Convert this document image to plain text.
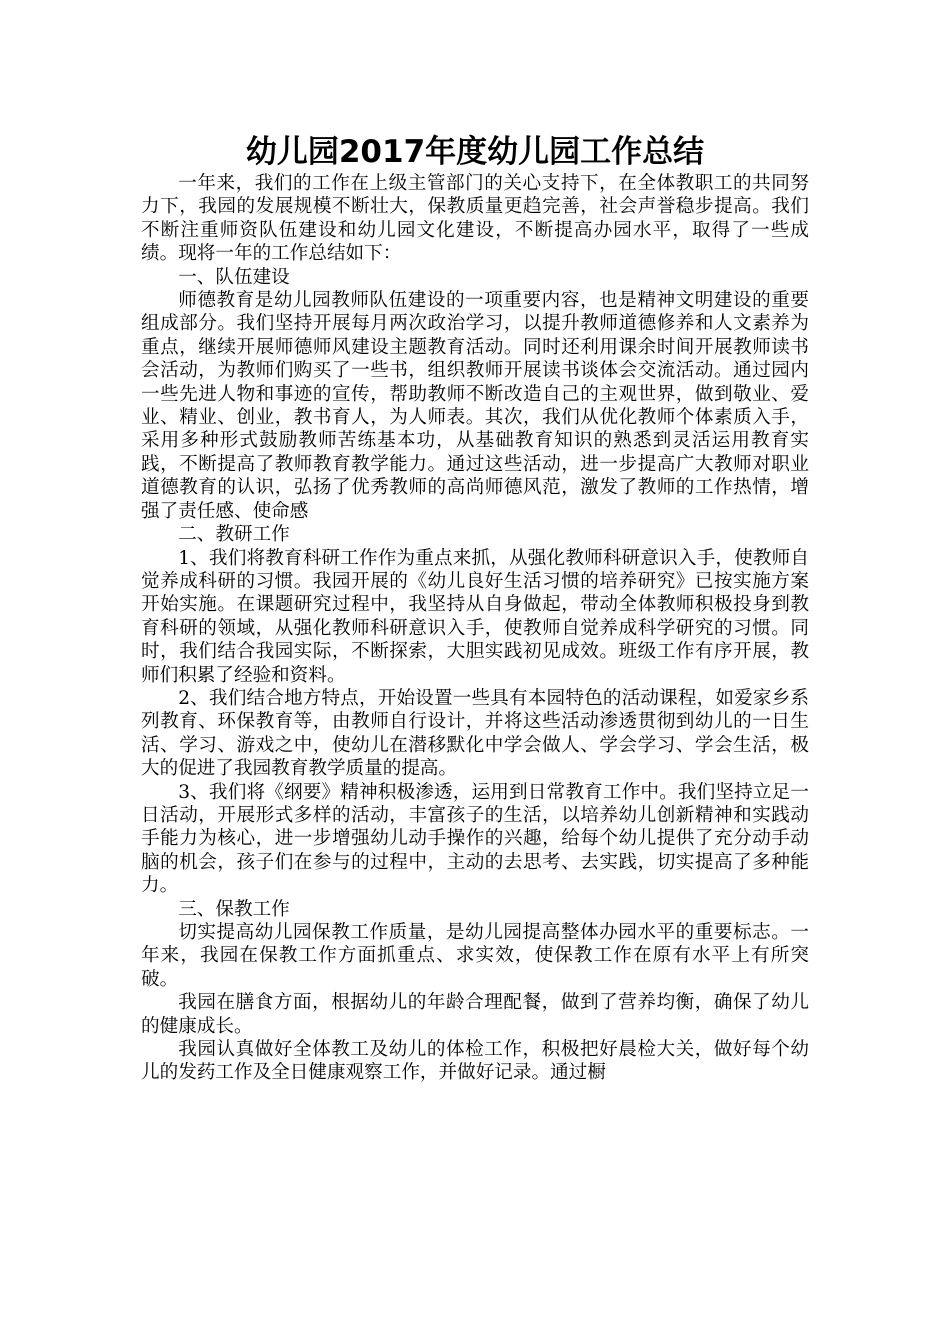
幼儿园2017年度幼儿园工作总结

一年来，我们的工作在上级主管部门的关心支持下，在全体教职工的共同努力下，我园的发展规模不断壮大，保教质量更趋完善，社会声誉稳步提高。我们不断注重师资队伍建设和幼儿园文化建设，不断提高办园水平，取得了一些成绩。现将一年的工作总结如下：

一、队伍建设

师德教育是幼儿园教师队伍建设的一项重要内容，也是精神文明建设的重要组成部分。我们坚持开展每月两次政治学习，以提升教师道德修养和人文素养为重点，继续开展师德师风建设主题教育活动。同时还利用课余时间开展教师读书会活动，为教师们购买了一些书，组织教师开展读书谈体会交流活动。通过园内一些先进人物和事迹的宣传，帮助教师不断改造自己的主观世界，做到敬业、爱业、精业、创业，教书育人，为人师表。其次，我们从优化教师个体素质入手，采用多种形式鼓励教师苦练基本功，从基础教育知识的熟悉到灵活运用教育实践，不断提高了教师教育教学能力。通过这些活动，进一步提高广大教师对职业道德教育的认识，弘扬了优秀教师的高尚师德风范，激发了教师的工作热情，增强了责任感、使命感

二、教研工作

1、我们将教育科研工作作为重点来抓，从强化教师科研意识入手，使教师自觉养成科研的习惯。我园开展的《幼儿良好生活习惯的培养研究》已按实施方案开始实施。在课题研究过程中，我坚持从自身做起，带动全体教师积极投身到教育科研的领域，从强化教师科研意识入手，使教师自觉养成科学研究的习惯。同时，我们结合我园实际，不断探索，大胆实践初见成效。班级工作有序开展，教师们积累了经验和资料。

2、我们结合地方特点，开始设置一些具有本园特色的活动课程，如爱家乡系列教育、环保教育等，由教师自行设计，并将这些活动渗透贯彻到幼儿的一日生活、学习、游戏之中，使幼儿在潜移默化中学会做人、学会学习、学会生活，极大的促进了我园教育教学质量的提高。

3、我们将《纲要》精神积极渗透，运用到日常教育工作中。我们坚持立足一日活动，开展形式多样的活动，丰富孩子的生活，以培养幼儿创新精神和实践动手能力为核心，进一步增强幼儿动手操作的兴趣，给每个幼儿提供了充分动手动脑的机会，孩子们在参与的过程中，主动的去思考、去实践，切实提高了多种能力。

三、保教工作

切实提高幼儿园保教工作质量，是幼儿园提高整体办园水平的重要标志。一年来，我园在保教工作方面抓重点、求实效，使保教工作在原有水平上有所突破。

我园在膳食方面，根据幼儿的年龄合理配餐，做到了营养均衡，确保了幼儿的健康成长。

我园认真做好全体教工及幼儿的体检工作，积极把好晨检大关，做好每个幼儿的发药工作及全日健康观察工作，并做好记录。通过橱
